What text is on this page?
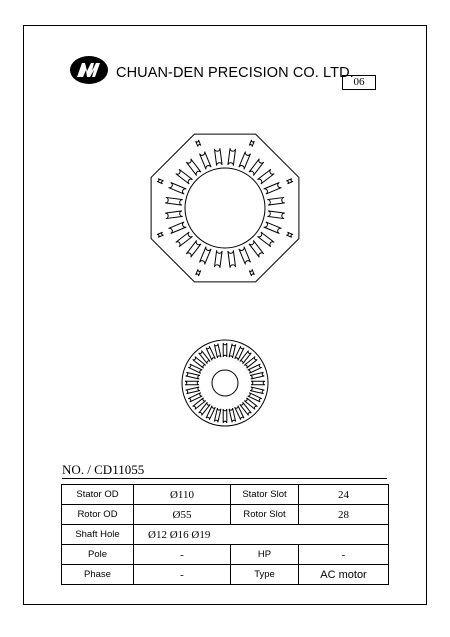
CHUAN-DEN PRECISION CO. LTD.
06
NO. / CD11055
Stator OD	Ø110	Stator Slot	24
Rotor OD	Ø55	Rotor Slot	28
Shaft Hole	Ø12 Ø16 Ø19		
Pole	-	HP	-
Phase	-	Type	AC motor
